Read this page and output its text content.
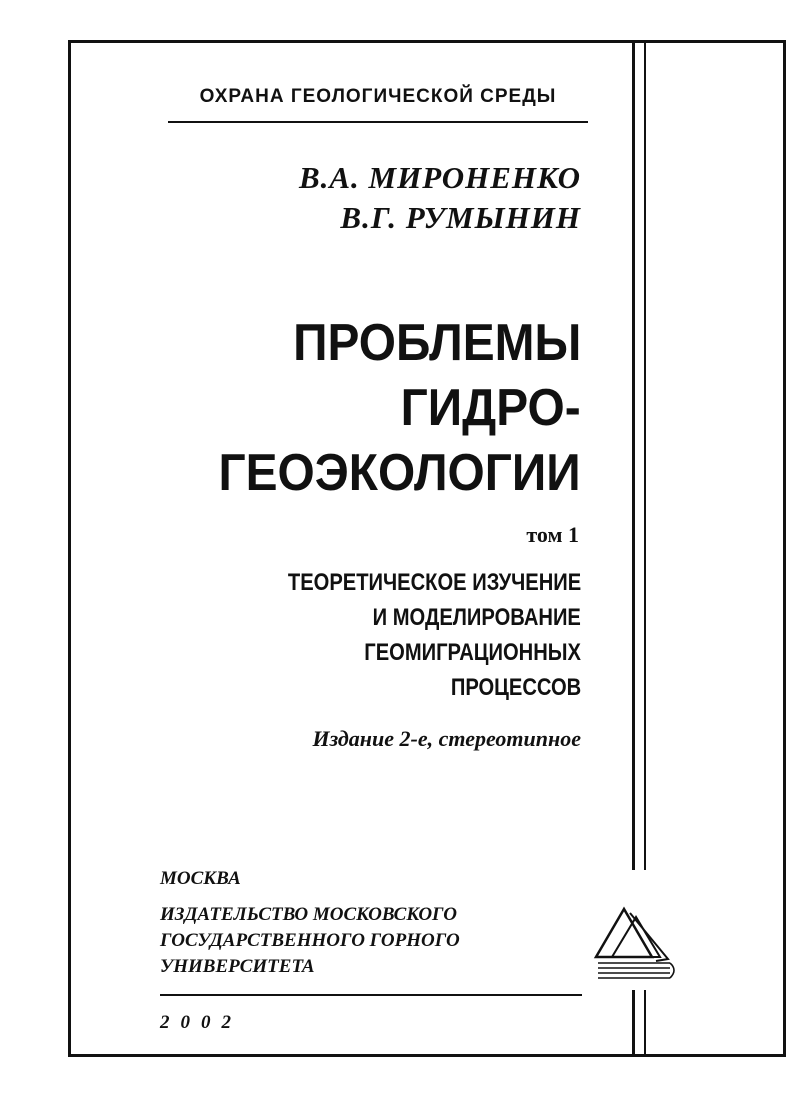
ОХРАНА ГЕОЛОГИЧЕСКОЙ СРЕДЫ
В.А. МИРОНЕНКО
В.Г. РУМЫНИН
ПРОБЛЕМЫ
ГИДРО-
ГЕОЭКОЛОГИИ
том 1
ТЕОРЕТИЧЕСКОЕ ИЗУЧЕНИЕ
И МОДЕЛИРОВАНИЕ
ГЕОМИГРАЦИОННЫХ
ПРОЦЕССОВ
Издание 2-е, стереотипное
МОСКВА
ИЗДАТЕЛЬСТВО МОСКОВСКОГО
ГОСУДАРСТВЕННОГО ГОРНОГО
УНИВЕРСИТЕТА
2002
